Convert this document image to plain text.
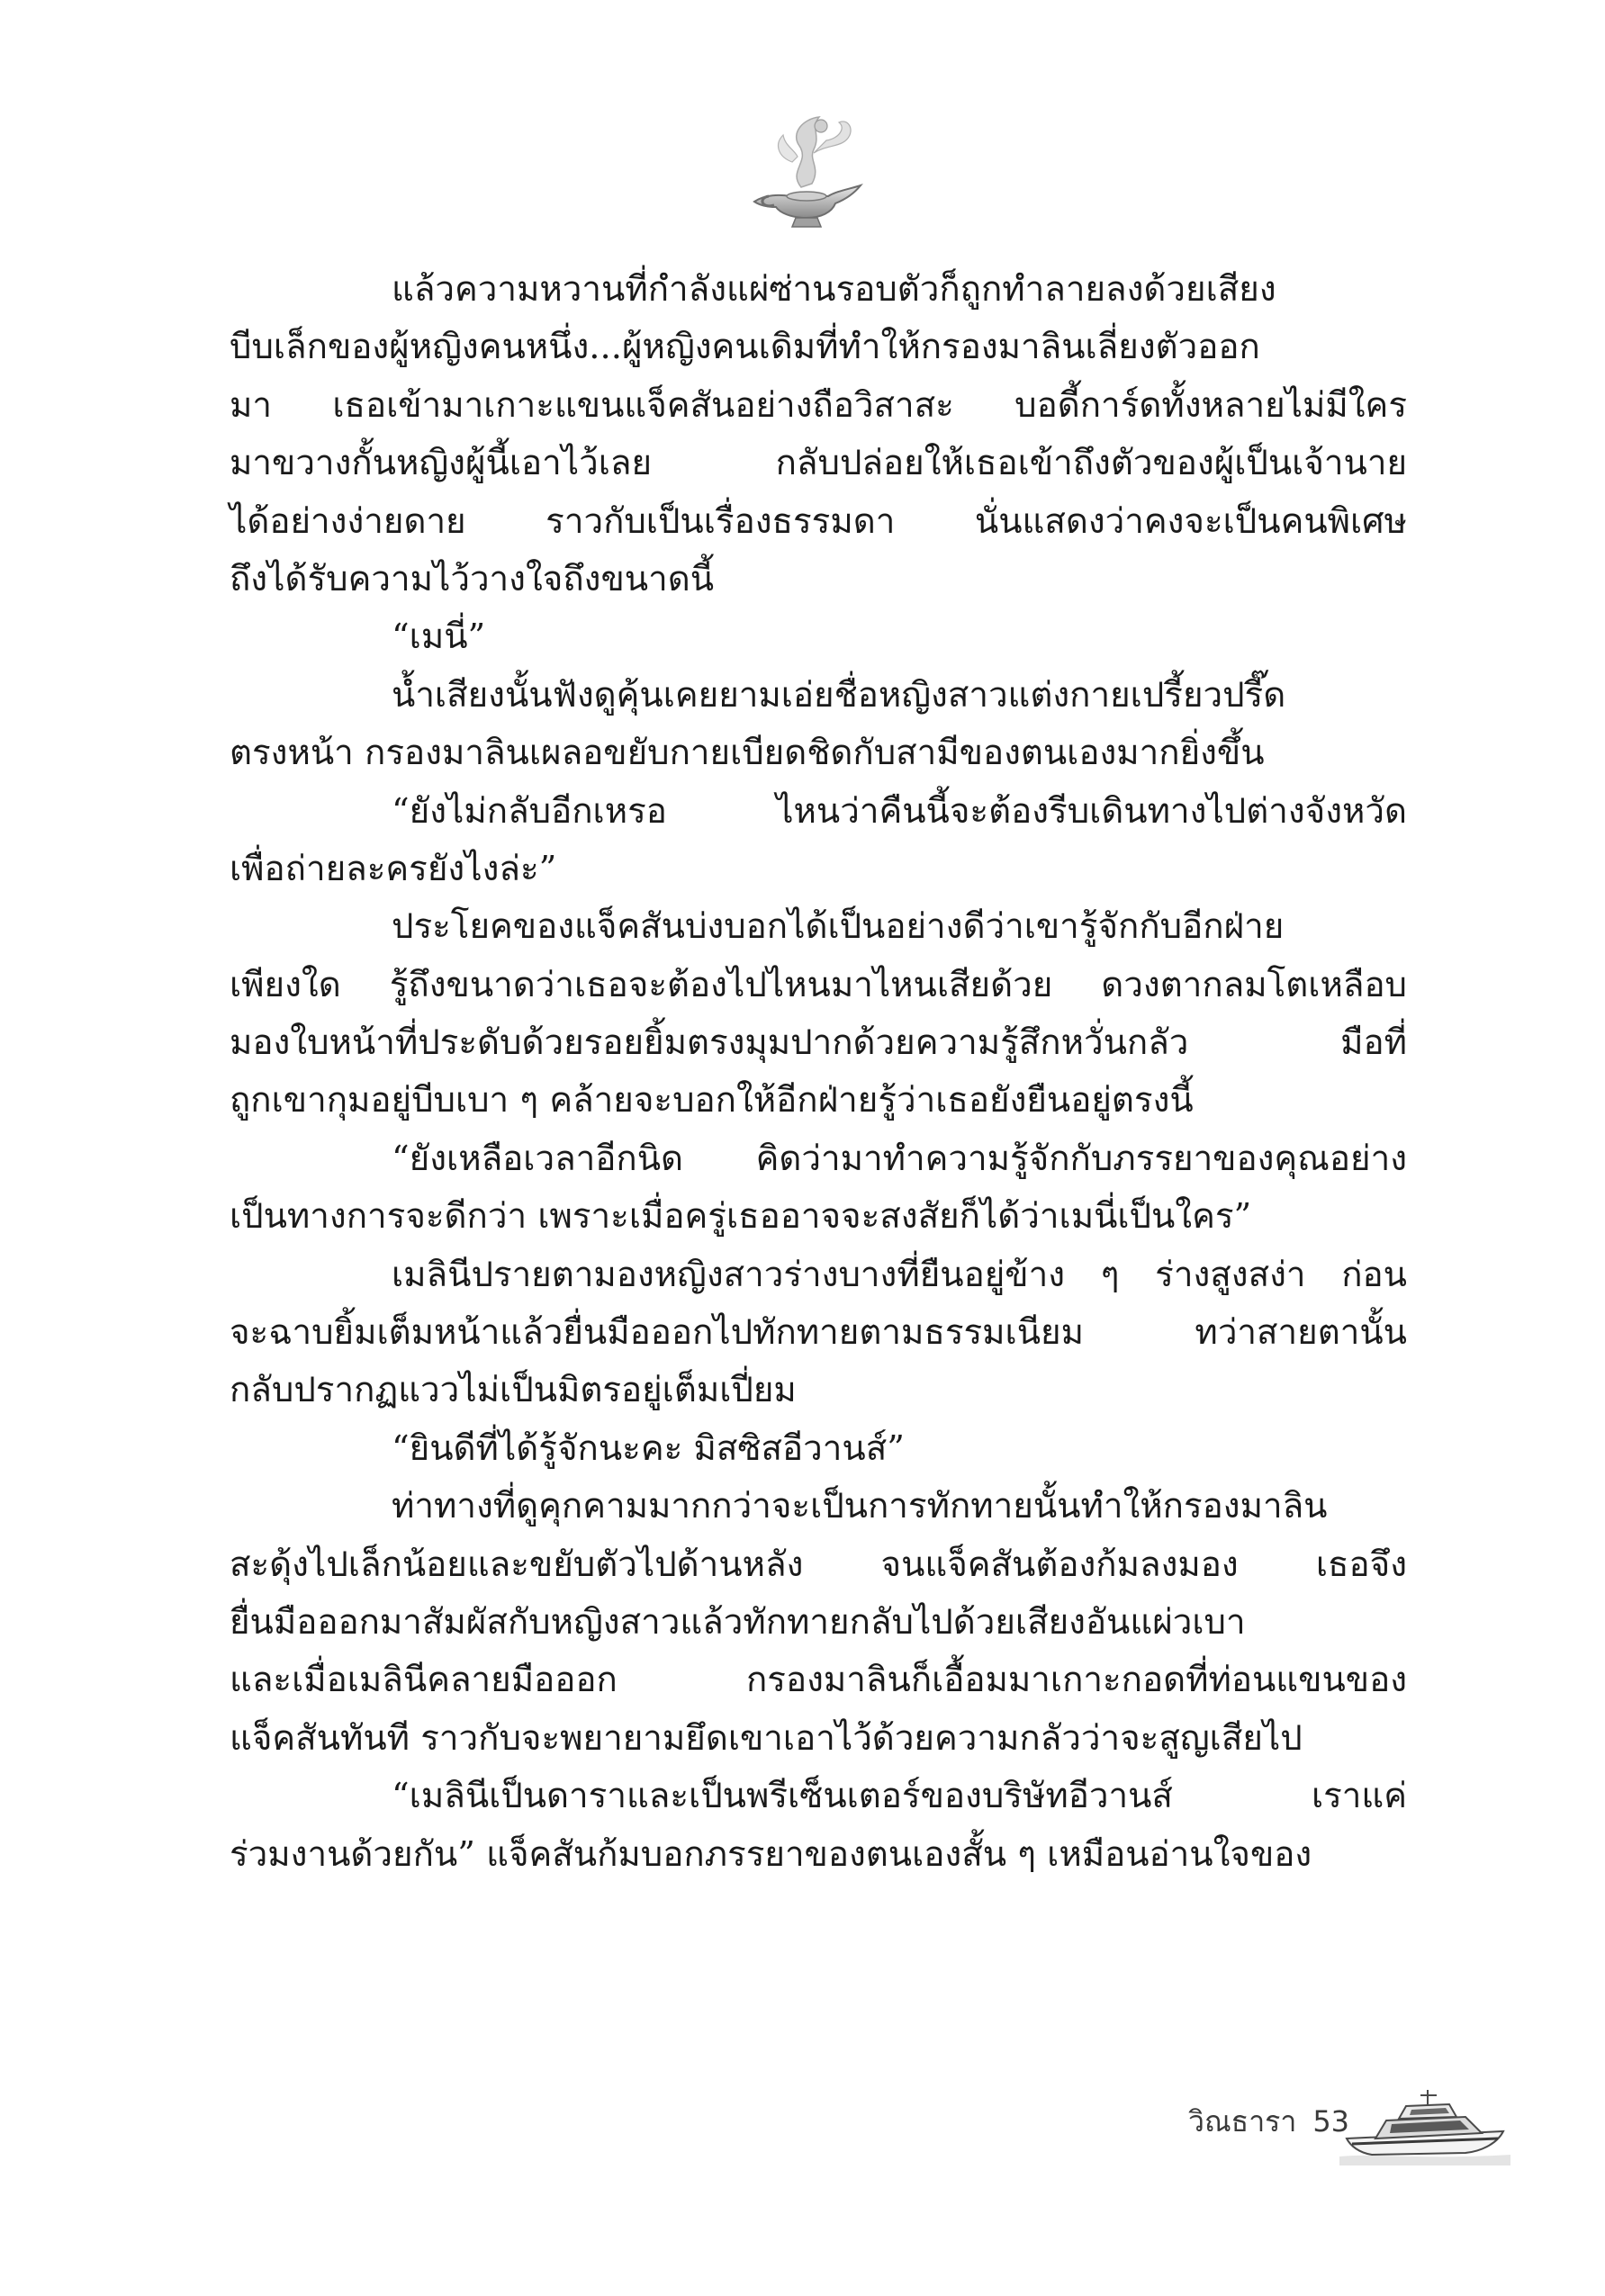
แล้วความหวานที่กำลังแผ่ซ่านรอบตัวก็ถูกทำลายลงด้วยเสียง
บีบเล็กของผู้หญิงคนหนึ่ง...ผู้หญิงคนเดิมที่ทำให้กรองมาลินเลี่ยงตัวออก
มา เธอเข้ามาเกาะแขนแจ็คสันอย่างถือวิสาสะ บอดี้การ์ดทั้งหลายไม่มีใคร
มาขวางกั้นหญิงผู้นี้เอาไว้เลย กลับปล่อยให้เธอเข้าถึงตัวของผู้เป็นเจ้านาย
ได้อย่างง่ายดาย ราวกับเป็นเรื่องธรรมดา นั่นแสดงว่าคงจะเป็นคนพิเศษ
ถึงได้รับความไว้วางใจถึงขนาดนี้
“เมนี่”
น้ำเสียงนั้นฟังดูคุ้นเคยยามเอ่ยชื่อหญิงสาวแต่งกายเปรี้ยวปรี๊ด
ตรงหน้า กรองมาลินเผลอขยับกายเบียดชิดกับสามีของตนเองมากยิ่งขึ้น
“ยังไม่กลับอีกเหรอ ไหนว่าคืนนี้จะต้องรีบเดินทางไปต่างจังหวัด
เพื่อถ่ายละครยังไงล่ะ”
ประโยคของแจ็คสันบ่งบอกได้เป็นอย่างดีว่าเขารู้จักกับอีกฝ่าย
เพียงใด รู้ถึงขนาดว่าเธอจะต้องไปไหนมาไหนเสียด้วย ดวงตากลมโตเหลือบ
มองใบหน้าที่ประดับด้วยรอยยิ้มตรงมุมปากด้วยความรู้สึกหวั่นกลัว มือที่
ถูกเขากุมอยู่บีบเบา ๆ คล้ายจะบอกให้อีกฝ่ายรู้ว่าเธอยังยืนอยู่ตรงนี้
“ยังเหลือเวลาอีกนิด คิดว่ามาทำความรู้จักกับภรรยาของคุณอย่าง
เป็นทางการจะดีกว่า เพราะเมื่อครู่เธออาจจะสงสัยก็ได้ว่าเมนี่เป็นใคร”
เมลินีปรายตามองหญิงสาวร่างบางที่ยืนอยู่ข้าง ๆ ร่างสูงสง่า ก่อน
จะฉาบยิ้มเต็มหน้าแล้วยื่นมือออกไปทักทายตามธรรมเนียม ทว่าสายตานั้น
กลับปรากฏแววไม่เป็นมิตรอยู่เต็มเปี่ยม
“ยินดีที่ได้รู้จักนะคะ มิสซิสอีวานส์”
ท่าทางที่ดูคุกคามมากกว่าจะเป็นการทักทายนั้นทำให้กรองมาลิน
สะดุ้งไปเล็กน้อยและขยับตัวไปด้านหลัง จนแจ็คสันต้องก้มลงมอง เธอจึง
ยื่นมือออกมาสัมผัสกับหญิงสาวแล้วทักทายกลับไปด้วยเสียงอันแผ่วเบา
และเมื่อเมลินีคลายมือออก กรองมาลินก็เอื้อมมาเกาะกอดที่ท่อนแขนของ
แจ็คสันทันที ราวกับจะพยายามยึดเขาเอาไว้ด้วยความกลัวว่าจะสูญเสียไป
“เมลินีเป็นดาราและเป็นพรีเซ็นเตอร์ของบริษัทอีวานส์ เราแค่
ร่วมงานด้วยกัน” แจ็คสันก้มบอกภรรยาของตนเองสั้น ๆ เหมือนอ่านใจของ
วิณธารา 53
